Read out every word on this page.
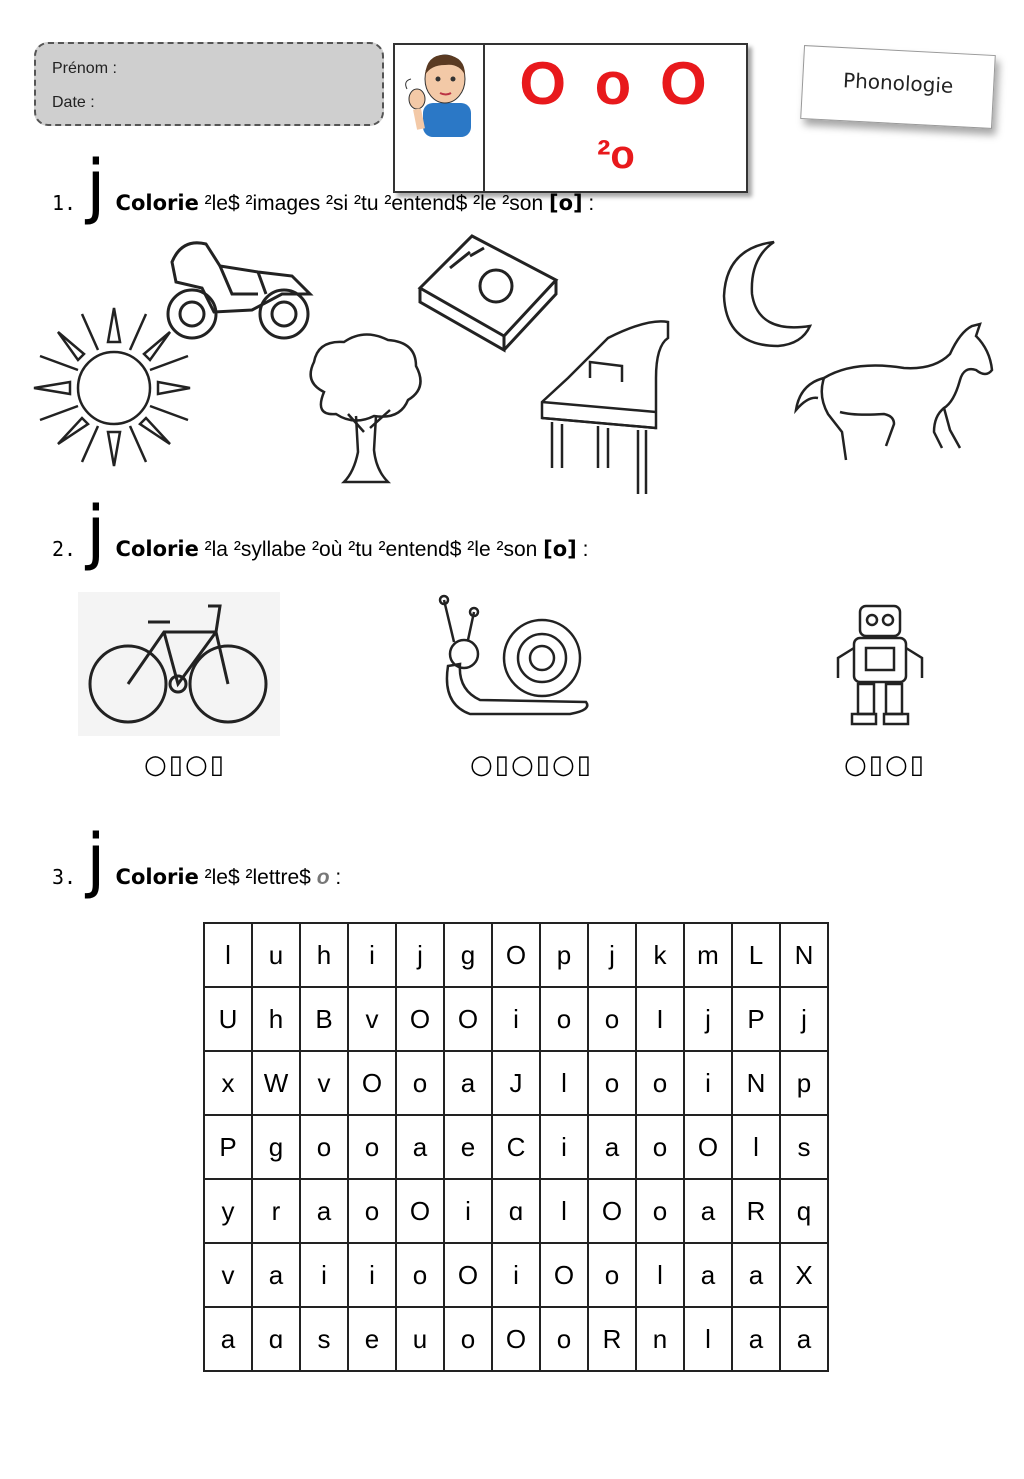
Prénom :
Date :	O o O
²o
Phonologie
1. j Colorie ²le$ ²images ²si ²tu ²entend$ ²le ²son [o] :
2. j Colorie ²la ²syllabe ²où ²tu ²entend$ ²le ²son [o] :
○▯○▯	○▯○▯○▯	○▯○▯
3. j Colorie ²le$ ²lettre$ o :
l	u	h	i	j	g	O	p	j	k	m	L	N
U	h	B	v	O	O	i	o	o	I	j	P	j
x	W	v	O	o	a	J	l	o	o	i	N	p
P	g	o	o	a	e	C	i	a	o	O	l	s
y	r	a	o	O	i	ɑ	l	O	o	a	R	q
v	a	i	i	o	O	i	O	o	l	a	a	X
a	ɑ	s	e	u	o	O	o	R	n	l	a	a
